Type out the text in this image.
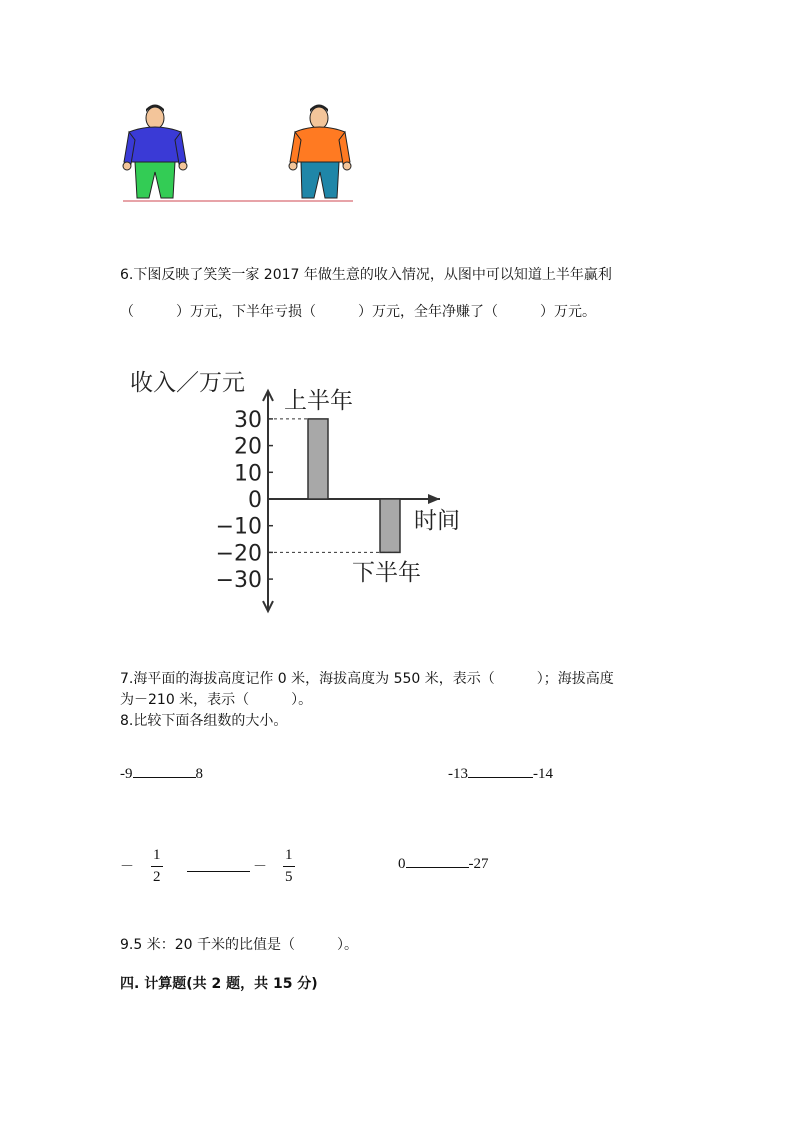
6.下图反映了笑笑一家 2017 年做生意的收入情况，从图中可以知道上半年赢利
（　　　）万元，下半年亏损（　　　）万元，全年净赚了（　　　）万元。
收入／万元
时间
30
20
10
0
−10
−20
−30
上半年
下半年
7.海平面的海拔高度记作 0 米，海拔高度为 550 米，表示（　　　）；海拔高度
为－210 米，表示（　　　）。
8.比较下面各组数的大小。
-9	8	-13	-14
－ $\frac{1}{2}$	－ $\frac{1}{5}$	0	-27
9.5 米：20 千米的比值是（　　　）。
四. 计算题(共 2 题，共 15 分)
